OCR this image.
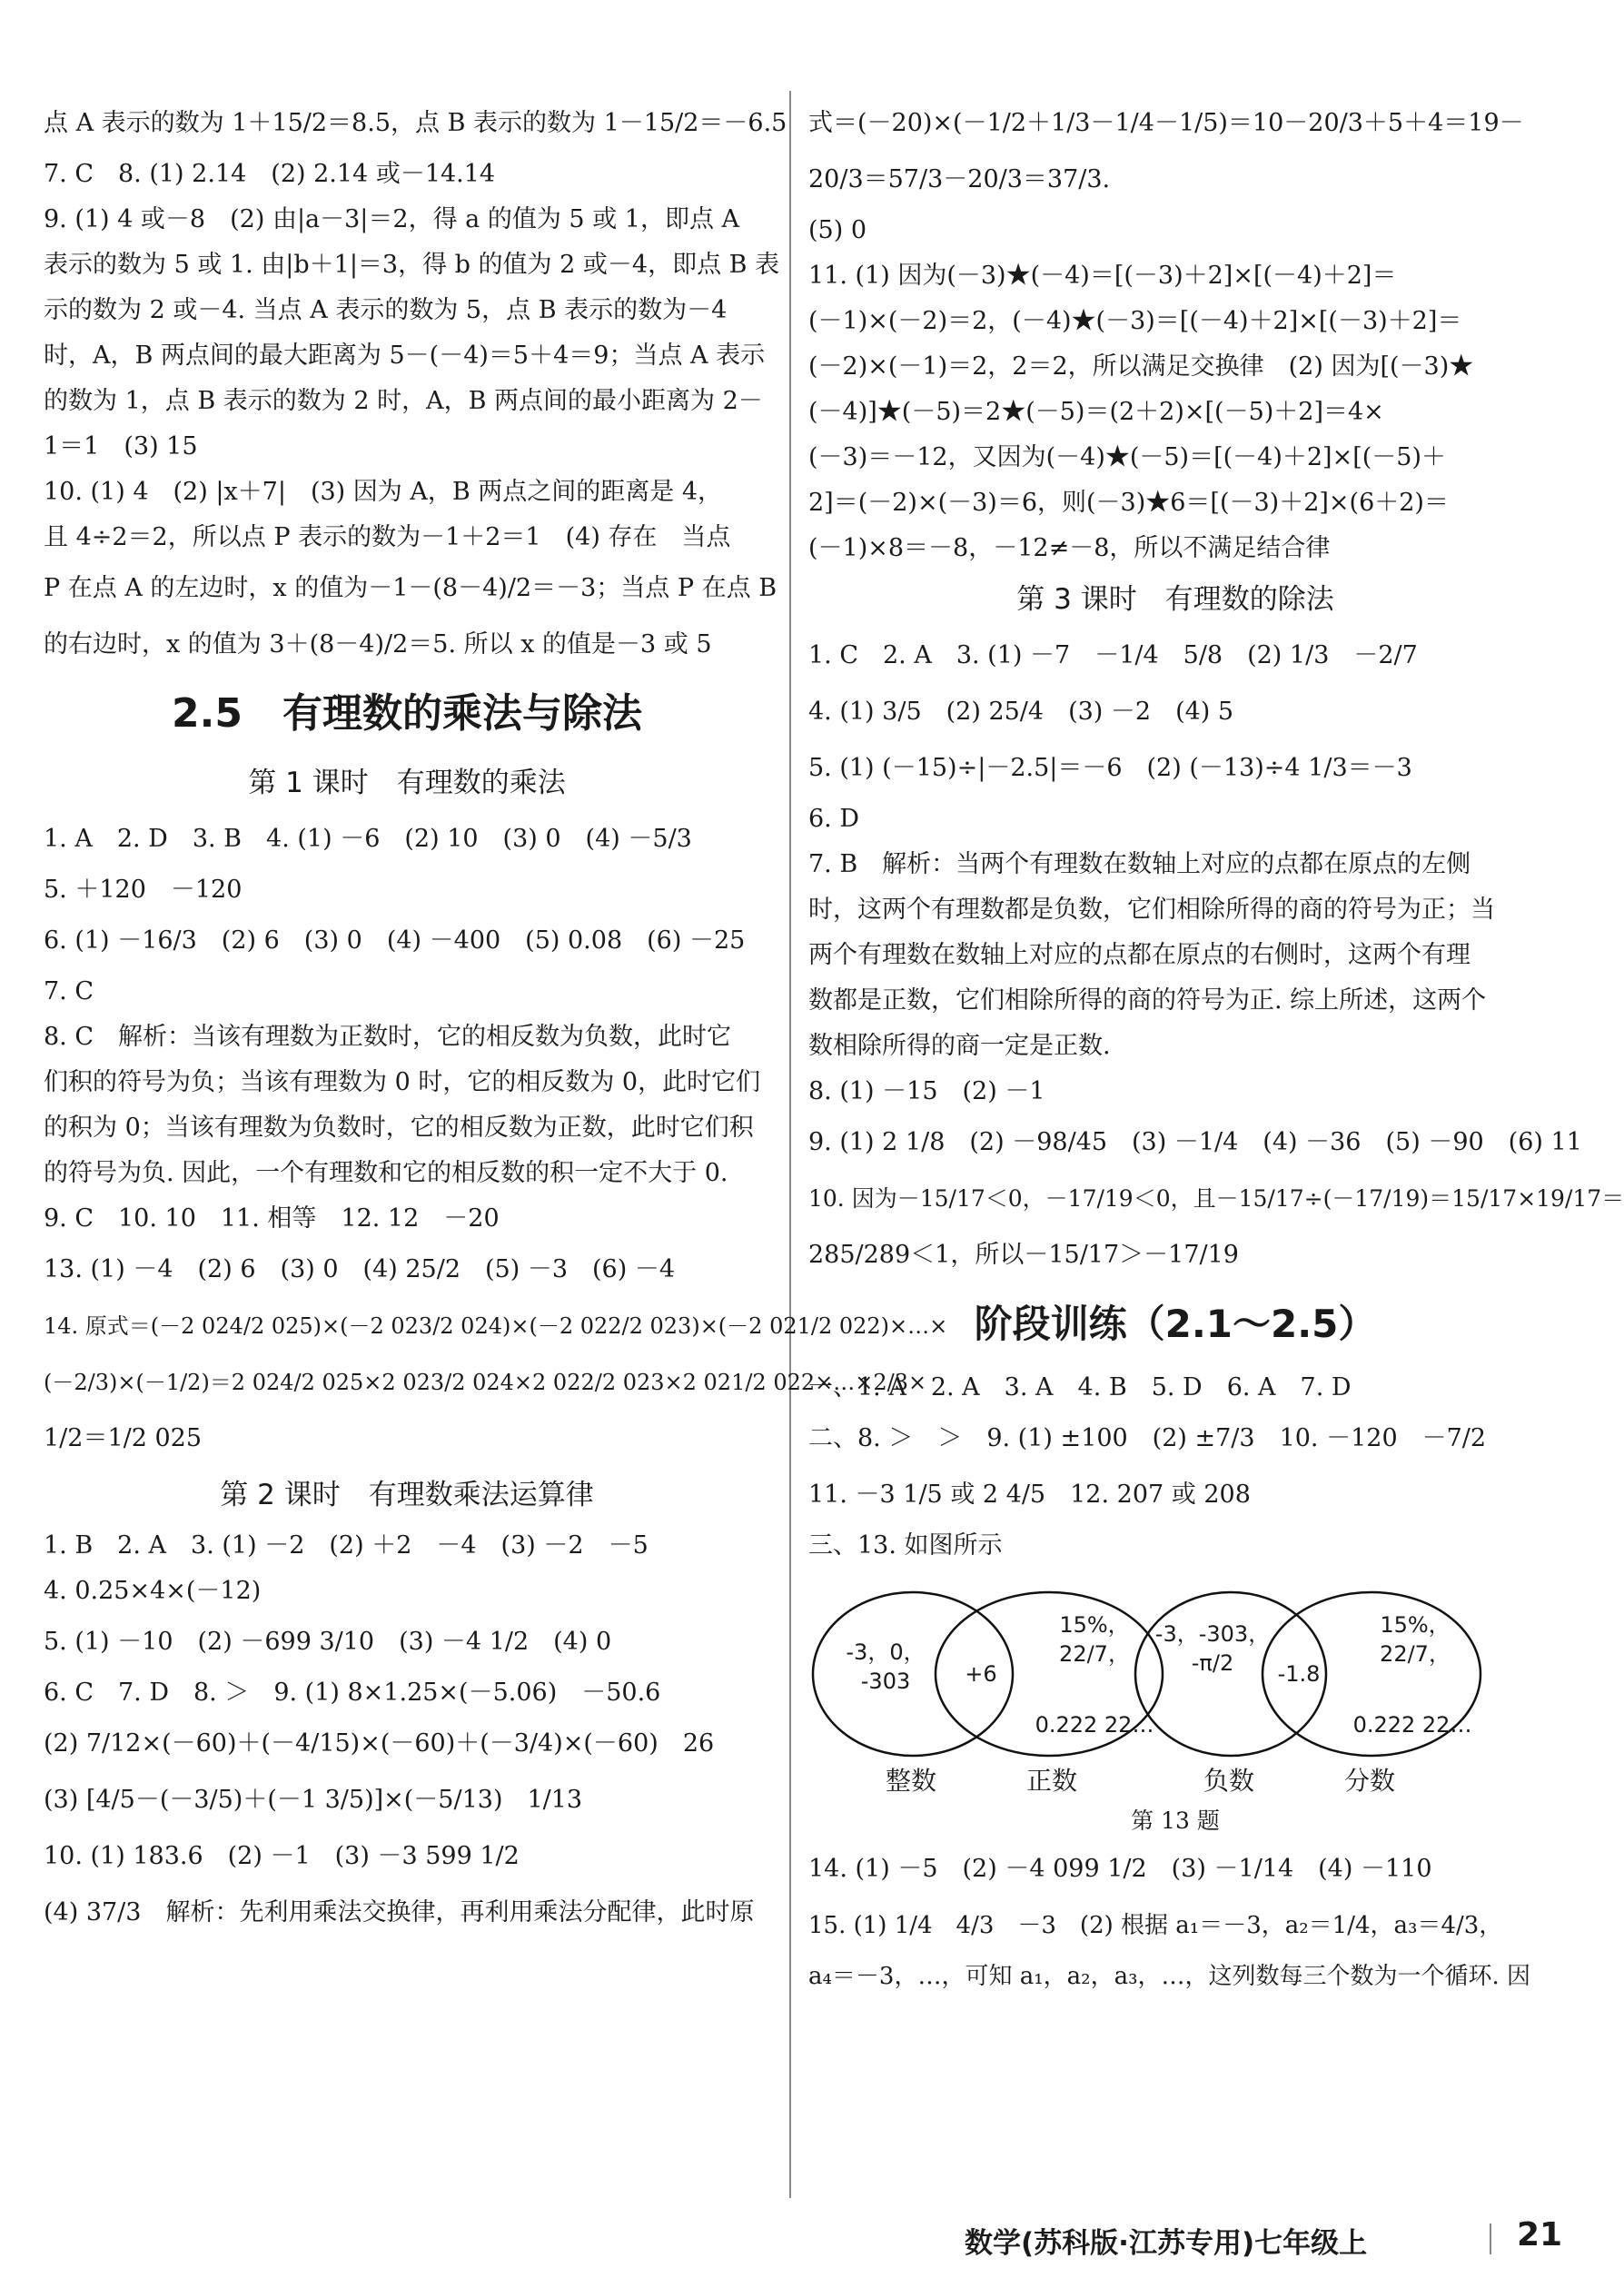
点 A 表示的数为 1＋15/2＝8.5，点 B 表示的数为 1－15/2＝－6.5
7. C　8. (1) 2.14　(2) 2.14 或－14.14
9. (1) 4 或－8　(2) 由|a－3|＝2，得 a 的值为 5 或 1，即点 A
表示的数为 5 或 1. 由|b＋1|＝3，得 b 的值为 2 或－4，即点 B 表
示的数为 2 或－4. 当点 A 表示的数为 5，点 B 表示的数为－4
时，A，B 两点间的最大距离为 5－(－4)＝5＋4＝9；当点 A 表示
的数为 1，点 B 表示的数为 2 时，A，B 两点间的最小距离为 2－
1＝1　(3) 15
10. (1) 4　(2) |x＋7|　(3) 因为 A，B 两点之间的距离是 4，
且 4÷2＝2，所以点 P 表示的数为－1＋2＝1　(4) 存在　当点
P 在点 A 的左边时，x 的值为－1－(8－4)/2＝－3；当点 P 在点 B
的右边时，x 的值为 3＋(8－4)/2＝5. 所以 x 的值是－3 或 5
2.5　有理数的乘法与除法
第 1 课时　有理数的乘法
1. A　2. D　3. B　4. (1) －6　(2) 10　(3) 0　(4) －5/3
5. ＋120　－120
6. (1) －16/3　(2) 6　(3) 0　(4) －400　(5) 0.08　(6) －25
7. C
8. C　解析：当该有理数为正数时，它的相反数为负数，此时它
们积的符号为负；当该有理数为 0 时，它的相反数为 0，此时它们
的积为 0；当该有理数为负数时，它的相反数为正数，此时它们积
的符号为负. 因此，一个有理数和它的相反数的积一定不大于 0.
9. C　10. 10　11. 相等　12. 12　－20
13. (1) －4　(2) 6　(3) 0　(4) 25/2　(5) －3　(6) －4
14. 原式＝(－2 024/2 025)×(－2 023/2 024)×(－2 022/2 023)×(－2 021/2 022)×…×
(－2/3)×(－1/2)＝2 024/2 025×2 023/2 024×2 022/2 023×2 021/2 022×…×2/3×
1/2＝1/2 025
第 2 课时　有理数乘法运算律
1. B　2. A　3. (1) －2　(2) ＋2　－4　(3) －2　－5
4. 0.25×4×(－12)
5. (1) －10　(2) －699 3/10　(3) －4 1/2　(4) 0
6. C　7. D　8. ＞　9. (1) 8×1.25×(－5.06)　－50.6
(2) 7/12×(－60)＋(－4/15)×(－60)＋(－3/4)×(－60)　26
(3) [4/5－(－3/5)＋(－1 3/5)]×(－5/13)　1/13
10. (1) 183.6　(2) －1　(3) －3 599 1/2
(4) 37/3　解析：先利用乘法交换律，再利用乘法分配律，此时原
式＝(－20)×(－1/2＋1/3－1/4－1/5)＝10－20/3＋5＋4＝19－
20/3＝57/3－20/3＝37/3.
(5) 0
11. (1) 因为(－3)★(－4)＝[(－3)＋2]×[(－4)＋2]＝
(－1)×(－2)＝2，(－4)★(－3)＝[(－4)＋2]×[(－3)＋2]＝
(－2)×(－1)＝2，2＝2，所以满足交换律　(2) 因为[(－3)★
(－4)]★(－5)＝2★(－5)＝(2＋2)×[(－5)＋2]＝4×
(－3)＝－12，又因为(－4)★(－5)＝[(－4)＋2]×[(－5)＋
2]＝(－2)×(－3)＝6，则(－3)★6＝[(－3)＋2]×(6＋2)＝
(－1)×8＝－8，－12≠－8，所以不满足结合律
第 3 课时　有理数的除法
1. C　2. A　3. (1) －7　－1/4　5/8　(2) 1/3　－2/7
4. (1) 3/5　(2) 25/4　(3) －2　(4) 5
5. (1) (－15)÷|－2.5|＝－6　(2) (－13)÷4 1/3＝－3
6. D
7. B　解析：当两个有理数在数轴上对应的点都在原点的左侧
时，这两个有理数都是负数，它们相除所得的商的符号为正；当
两个有理数在数轴上对应的点都在原点的右侧时，这两个有理
数都是正数，它们相除所得的商的符号为正. 综上所述，这两个
数相除所得的商一定是正数.
8. (1) －15　(2) －1
9. (1) 2 1/8　(2) －98/45　(3) －1/4　(4) －36　(5) －90　(6) 11
10. 因为－15/17＜0，－17/19＜0，且－15/17÷(－17/19)＝15/17×19/17＝
285/289＜1，所以－15/17＞－17/19
阶段训练（2.1～2.5）
一、1. A　2. A　3. A　4. B　5. D　6. A　7. D
二、8. ＞　＞　9. (1) ±100　(2) ±7/3　10. －120　－7/2
11. －3 1/5 或 2 4/5　12. 207 或 208
三、13. 如图所示
-3，0，
-303	+6
15%，22/7，
0.222 22…
-3，-303，
-π/2	-1.8
15%，22/7，
0.222 22…
整数	正数	负数	分数
第 13 题
14. (1) －5　(2) －4 099 1/2　(3) －1/14　(4) －110
15. (1) 1/4　4/3　－3　(2) 根据 a₁＝－3，a₂＝1/4，a₃＝4/3，
a₄＝－3，…，可知 a₁，a₂，a₃，…，这列数每三个数为一个循环. 因
数学(苏科版·江苏专用)七年级上	21
